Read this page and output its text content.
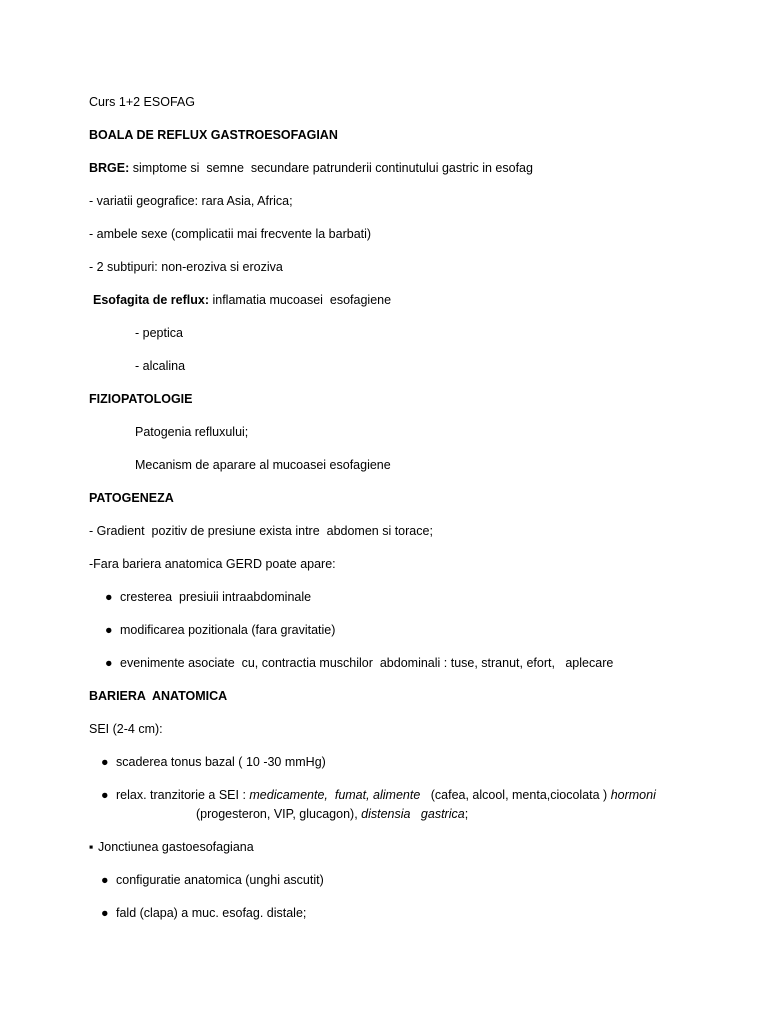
Curs 1+2 ESOFAG
BOALA DE REFLUX GASTROESOFAGIAN
BRGE: simptome si  semne  secundare patrunderii continutului gastric in esofag
- variatii geografice: rara Asia, Africa;
- ambele sexe (complicatii mai frecvente la barbati)
- 2 subtipuri: non-eroziva si eroziva
Esofagita de reflux: inflamatia mucoasei  esofagiene
- peptica
- alcalina
FIZIOPATOLOGIE
Patogenia refluxului;
Mecanism de aparare al mucoasei esofagiene
PATOGENEZA
- Gradient  pozitiv de presiune exista intre  abdomen si torace;
-Fara bariera anatomica GERD poate apare:
● cresterea  presiuii intraabdominale
● modificarea pozitionala (fara gravitatie)
● evenimente asociate  cu, contractia muschilor  abdominali : tuse, stranut, efort,   aplecare
BARIERA  ANATOMICA
SEI (2-4 cm):
● scaderea tonus bazal ( 10 -30 mmHg)
● relax. tranzitorie a SEI : medicamente,  fumat, alimente   (cafea, alcool, menta,ciocolata ) hormoni
(progesteron, VIP, glucagon), distensia   gastrica;
▪ Jonctiunea gastoesofagiana
● configuratie anatomica (unghi ascutit)
● fald (clapa) a muc. esofag. distale;
